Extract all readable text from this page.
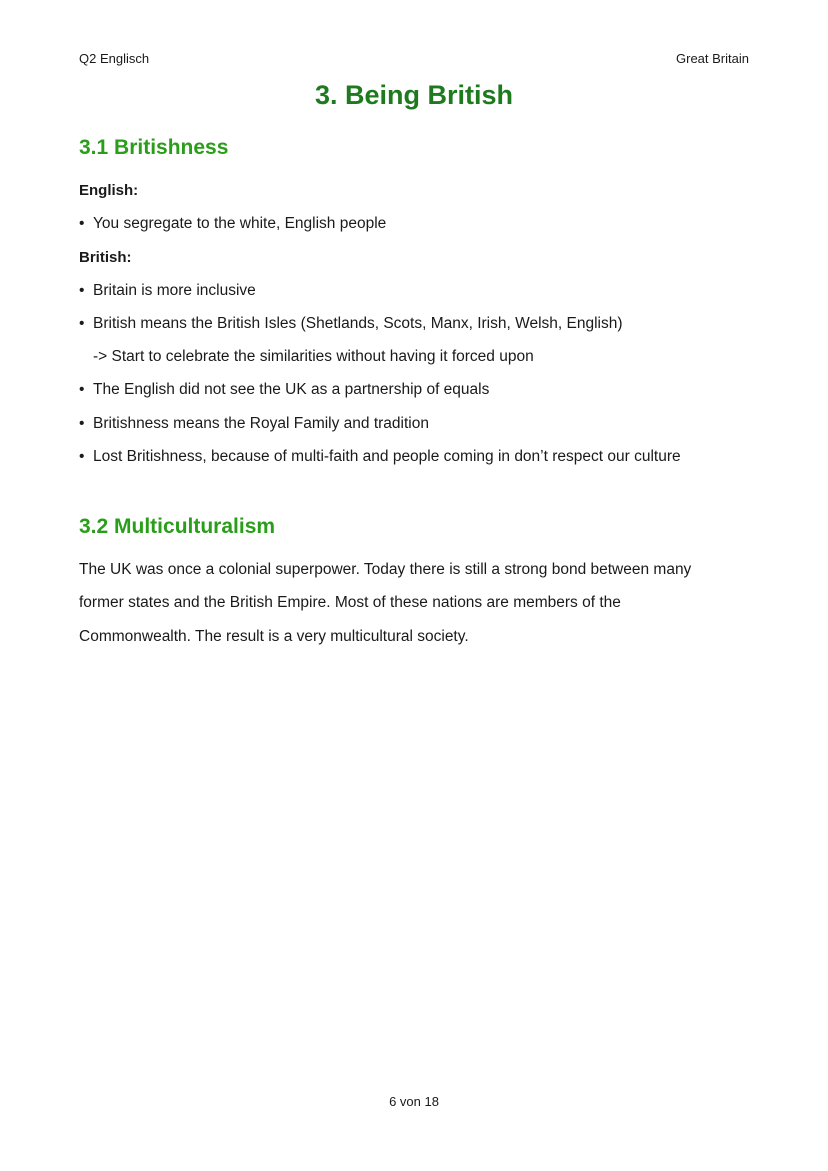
Q2 Englisch	Great Britain
3. Being British
3.1 Britishness
English:
• You segregate to the white, English people
British:
• Britain is more inclusive
• British means the British Isles (Shetlands, Scots, Manx, Irish, Welsh, English)
-> Start to celebrate the similarities without having it forced upon
• The English did not see the UK as a partnership of equals
• Britishness means the Royal Family and tradition
• Lost Britishness, because of multi-faith and people coming in don’t respect our culture
3.2 Multiculturalism
The UK was once a colonial superpower. Today there is still a strong bond between many
former states and the British Empire. Most of these nations are members of the
Commonwealth. The result is a very multicultural society.
6 von 18
